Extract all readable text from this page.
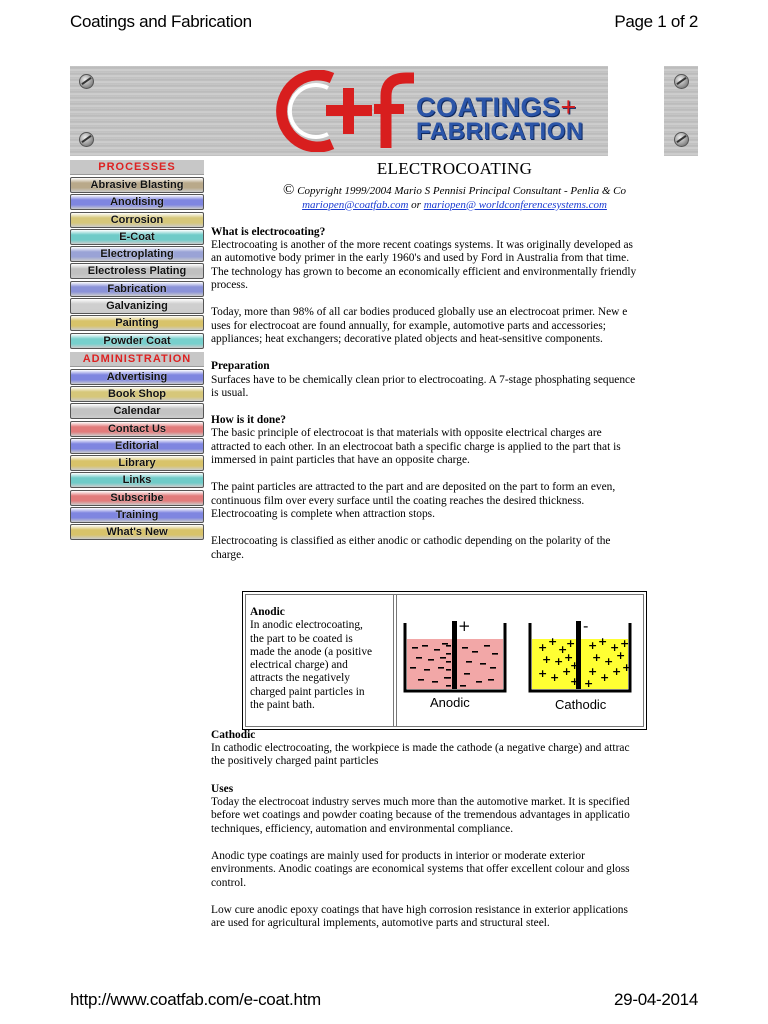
Coatings and Fabrication	Page 1 of 2
http://www.coatfab.com/e-coat.htm	29-04-2014
COATINGS+
FABRICATION
PROCESSES
Abrasive Blasting
Anodising
Corrosion
E-Coat
Electroplating
Electroless Plating
Fabrication
Galvanizing
Painting
Powder Coat
ADMINISTRATION
Advertising
Book Shop
Calendar
Contact Us
Editorial
Library
Links
Subscribe
Training
What's New
ELECTROCOATING
© Copyright 1999/2004 Mario S Pennisi Principal Consultant - Penlia & Co
mariopen@coatfab.com or mariopen@ worldconferencesystems.com

What is electrocoating?

Electrocoating is another of the more recent coatings systems. It was originally developed as

an automotive body primer in the early 1960's and used by Ford in Australia from that time.

The technology has grown to become an economically efficient and environmentally friendly

process.

Today, more than 98% of all car bodies produced globally use an electrocoat primer. New e

uses for electrocoat are found annually, for example, automotive parts and accessories;

appliances; heat exchangers; decorative plated objects and heat-sensitive components.

Preparation

Surfaces have to be chemically clean prior to electrocoating. A 7-stage phosphating sequence

is usual.

How is it done?

The basic principle of electrocoat is that materials with opposite electrical charges are

attracted to each other. In an electrocoat bath a specific charge is applied to the part that is

immersed in paint particles that have an opposite charge.

The paint particles are attracted to the part and are deposited on the part to form an even,

continuous film over every surface until the coating reaches the desired thickness.

Electrocoating is complete when attraction stops.

Electrocoating is classified as either anodic or cathodic depending on the polarity of the

charge.

Cathodic

In cathodic electrocoating, the workpiece is made the cathode (a negative charge) and attrac

the positively charged paint particles

Uses

Today the electrocoat industry serves much more than the automotive market. It is specified

before wet coatings and powder coating because of the tremendous advantages in applicatio

techniques, efficiency, automation and environmental compliance.

Anodic type coatings are mainly used for products in interior or moderate exterior

environments. Anodic coatings are economical systems that offer excellent colour and gloss

control.

Low cure anodic epoxy coatings that have high corrosion resistance in exterior applications

are used for agricultural implements, automotive parts and structural steel.

Anodic

In anodic electrocoating,

the part to be coated is

made the anode (a positive

electrical charge) and

attracts the negatively

charged paint particles in

the paint bath.

+
Anodic
-
+ +
+
+
+ + +
+ + +
+
+ + + +
+ + +
+ + + +
+ +
Cathodic
